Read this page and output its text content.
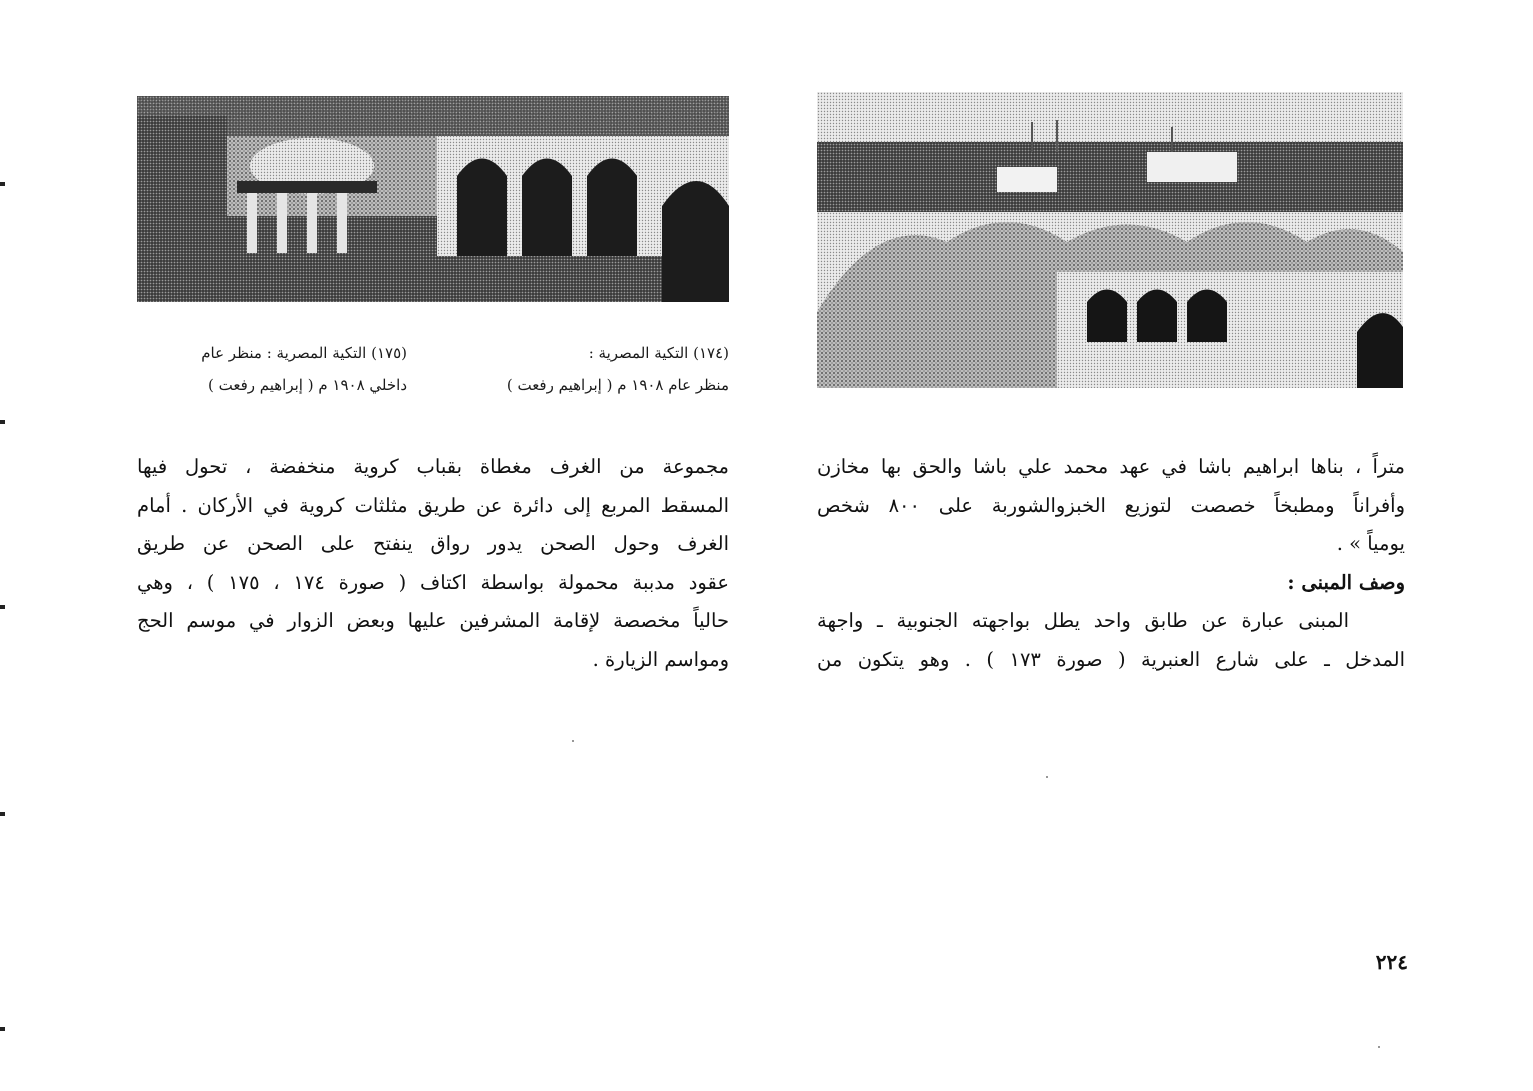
(١٧٤) التكية المصرية :
منظر عام ١٩٠٨ م ( إبراهيم رفعت )
(١٧٥) التكية المصرية : منظر عام
داخلي ١٩٠٨ م ( إبراهيم رفعت )
متراً ، بناها ابراهيم باشا في عهد محمد علي باشا والحق بها مخازن
وأفراناً ومطبخاً خصصت لتوزيع الخبزوالشوربة على ٨٠٠ شخص
يومياً » .
وصف المبنى :
المبنى عبارة عن طابق واحد يطل بواجهته الجنوبية ـ واجهة
المدخل ـ على شارع العنبرية ( صورة ١٧٣ ) . وهو يتكون من
مجموعة من الغرف مغطاة بقباب كروية منخفضة ، تحول فيها
المسقط المربع إلى دائرة عن طريق مثلثات كروية في الأركان . أمام
الغرف وحول الصحن يدور رواق ينفتح على الصحن عن طريق
عقود مدببة محمولة بواسطة اكتاف ( صورة ١٧٤ ، ١٧٥ ) ، وهي
حالياً مخصصة لإقامة المشرفين عليها وبعض الزوار في موسم الحج
ومواسم الزيارة .
٢٢٤
